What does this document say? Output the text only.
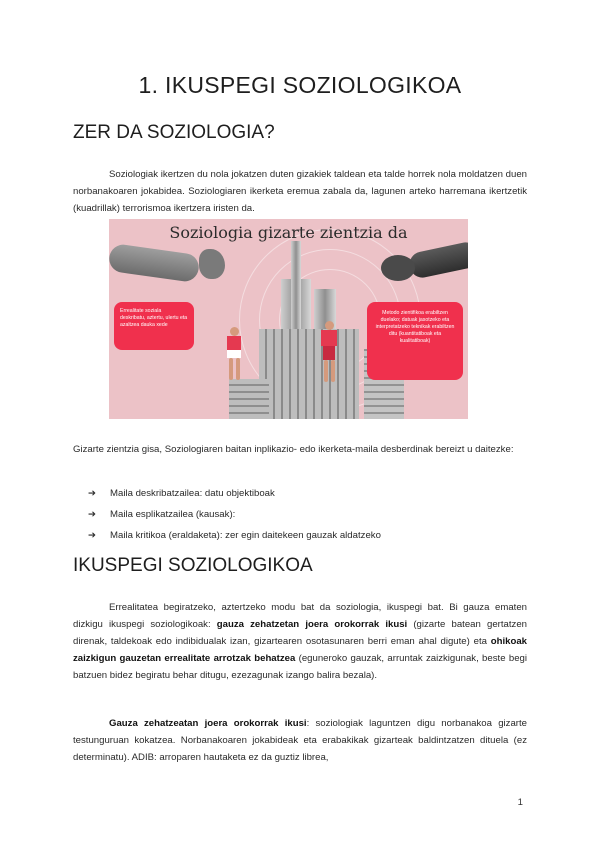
1. IKUSPEGI SOZIOLOGIKOA
ZER DA SOZIOLOGIA?
Soziologiak ikertzen du nola jokatzen duten gizakiek taldean eta talde horrek nola moldatzen duen norbanakoaren jokabidea. Soziologiaren ikerketa eremua zabala da, lagunen arteko harremana ikertzetik (kuadrillak) terrorismoa ikertzera iristen da.
Soziologia gizarte zientzia da
Errealitate soziala deskribatu, aztertu, ulertu eta azaltzea dauka xede
Metodo zientifikoa erabiltzen duelako; datuak jasotzeko eta interpretatzeko teknikak erabiltzen ditu (kuantitatiboak eta kualitatiboak)
Gizarte zientzia gisa, Soziologiaren baitan inplikazio- edo ikerketa-maila desberdinak bereizt u daitezke:
➔ Maila deskribatzailea: datu objektiboak
➔ Maila esplikatzailea (kausak):
➔ Maila kritikoa (eraldaketa): zer egin daitekeen gauzak aldatzeko
IKUSPEGI SOZIOLOGIKOA
Errealitatea begiratzeko, aztertzeko modu bat da soziologia, ikuspegi bat. Bi gauza ematen dizkigu ikuspegi soziologikoak: gauza zehatzetan joera orokorrak ikusi (gizarte batean gertatzen direnak, taldekoak edo indibidualak izan, gizartearen osotasunaren berri eman ahal digute) eta ohikoak zaizkigun gauzetan errealitate arrotzak behatzea (eguneroko gauzak, arruntak zaizkigunak, beste begi batzuen bidez begiratu behar ditugu, ezezagunak izango balira bezala).
Gauza zehatzeatan joera orokorrak ikusi: soziologiak laguntzen digu norbanakoa gizarte testunguruan kokatzea. Norbanakoaren jokabideak eta erabakikak gizarteak baldintzatzen dituela (ez determinatu). ADIB: arroparen hautaketa ez da guztiz librea,
1
